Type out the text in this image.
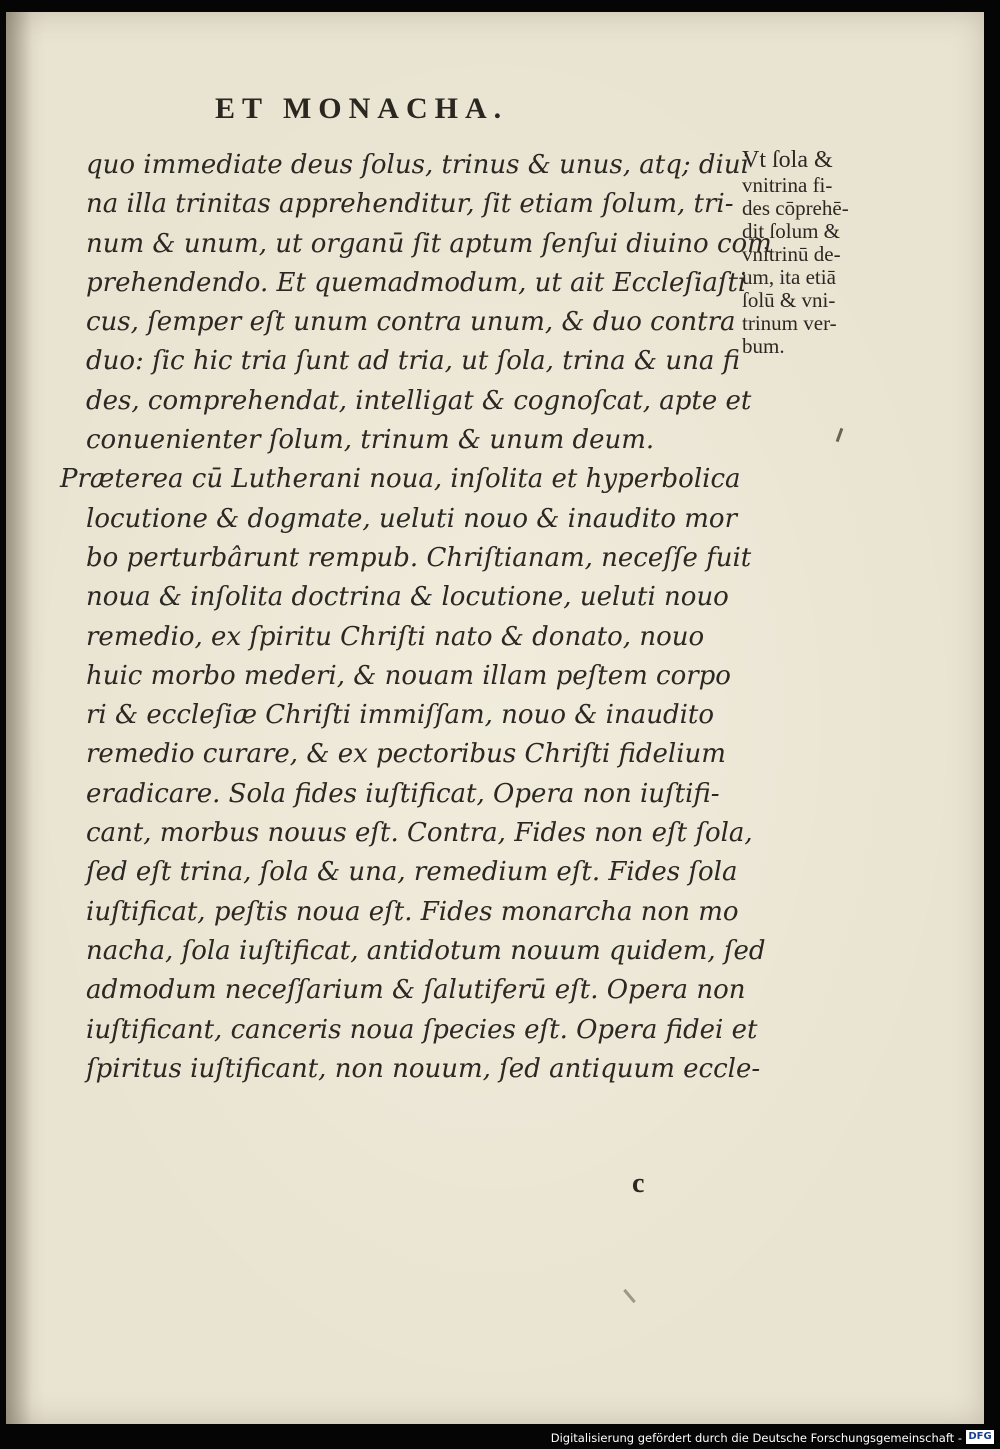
ET MONACHA.
quo immediate deus ſolus, trinus & unus, atq; diui
na illa trinitas apprehenditur, ſit etiam ſolum, tri-
num & unum, ut organū ſit aptum ſenſui diuino com
prehendendo. Et quemadmodum, ut ait Eccleſiaſti
cus, ſemper eſt unum contra unum, & duo contra
duo: ſic hic tria ſunt ad tria, ut ſola, trina & una fi
des, comprehendat, intelligat & cognoſcat, apte et
conuenienter ſolum, trinum & unum deum.
Præterea cū Lutherani noua, inſolita et hyperbolica
locutione & dogmate, ueluti nouo & inaudito mor
bo perturbârunt rempub. Chriſtianam, neceſſe fuit
noua & inſolita doctrina & locutione, ueluti nouo
remedio, ex ſpiritu Chriſti nato & donato, nouo
huic morbo mederi, & nouam illam peſtem corpo
ri & eccleſiæ Chriſti immiſſam, nouo & inaudito
remedio curare, & ex pectoribus Chriſti fidelium
eradicare. Sola fides iuſtificat, Opera non iuſtifi-
cant, morbus nouus eſt. Contra, Fides non eſt ſola,
ſed eſt trina, ſola & una, remedium eſt. Fides ſola
iuſtificat, peſtis noua eſt. Fides monarcha non mo
nacha, ſola iuſtificat, antidotum nouum quidem, ſed
admodum neceſſarium & ſalutiferū eſt. Opera non
iuſtificant, canceris noua ſpecies eſt. Opera fidei et
ſpiritus iuſtificant, non nouum, ſed antiquum eccle-
Vt ſola &
vnitrina fi-
des cōprehē-
dit ſolum &
vnitrinū de-
um, ita etiā
ſolū & vni-
trinum ver-
bum.

c

Digitalisierung gefördert durch die Deutsche Forschungsgemeinschaft - DFG
